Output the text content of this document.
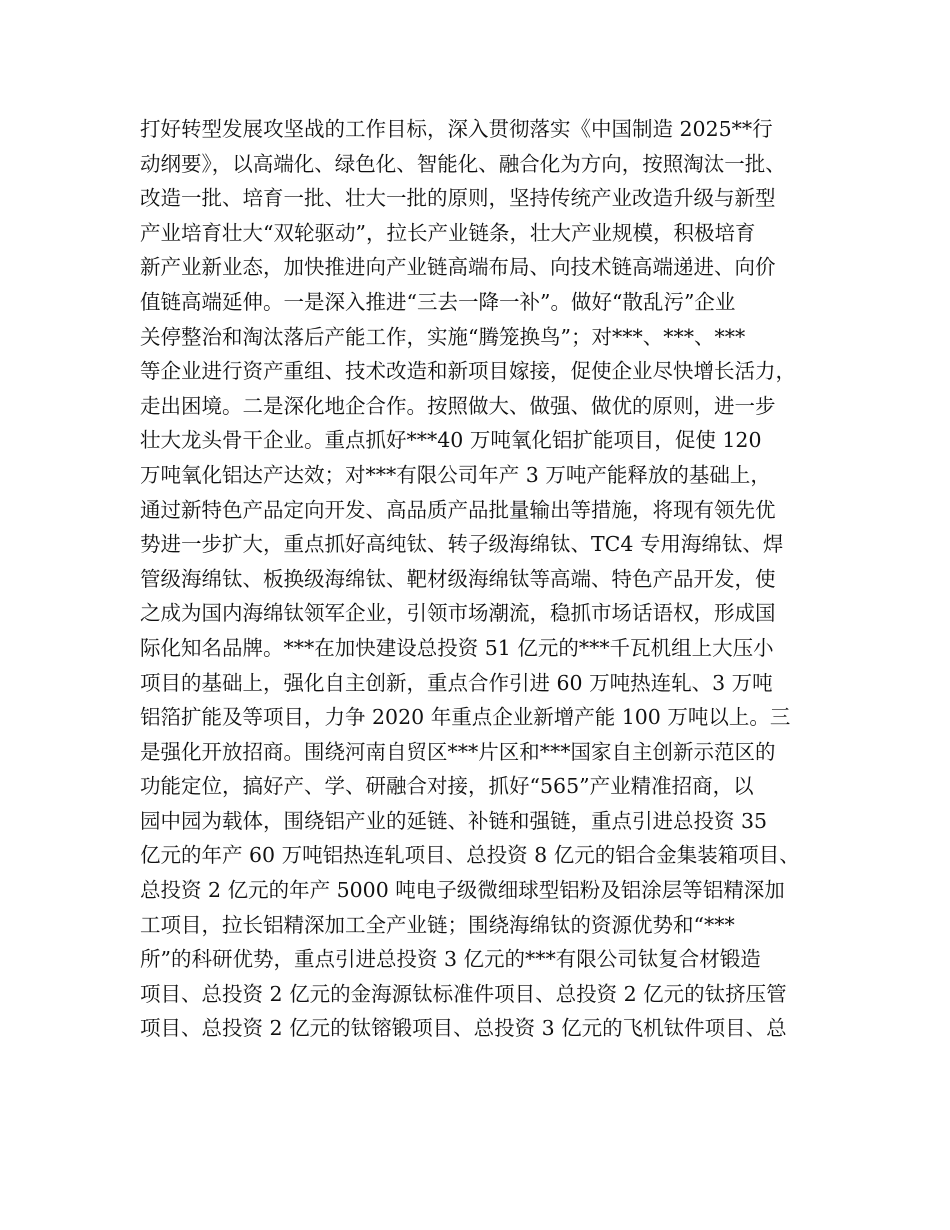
打好转型发展攻坚战的工作目标，深入贯彻落实《中国制造 2025**行
动纲要》，以高端化、绿色化、智能化、融合化为方向，按照淘汰一批、
改造一批、培育一批、壮大一批的原则，坚持传统产业改造升级与新型
产业培育壮大“双轮驱动”，拉长产业链条，壮大产业规模，积极培育
新产业新业态，加快推进向产业链高端布局、向技术链高端递进、向价
值链高端延伸。一是深入推进“三去一降一补”。做好“散乱污”企业
关停整治和淘汰落后产能工作，实施“腾笼换鸟”；对***、***、***
等企业进行资产重组、技术改造和新项目嫁接，促使企业尽快增长活力，
走出困境。二是深化地企合作。按照做大、做强、做优的原则，进一步
壮大龙头骨干企业。重点抓好***40 万吨氧化铝扩能项目，促使 120
万吨氧化铝达产达效；对***有限公司年产 3 万吨产能释放的基础上，
通过新特色产品定向开发、高品质产品批量输出等措施，将现有领先优
势进一步扩大，重点抓好高纯钛、转子级海绵钛、TC4 专用海绵钛、焊
管级海绵钛、板换级海绵钛、靶材级海绵钛等高端、特色产品开发，使
之成为国内海绵钛领军企业，引领市场潮流，稳抓市场话语权，形成国
际化知名品牌。***在加快建设总投资 51 亿元的***千瓦机组上大压小
项目的基础上，强化自主创新，重点合作引进 60 万吨热连轧、3 万吨
铝箔扩能及等项目，力争 2020 年重点企业新增产能 100 万吨以上。三
是强化开放招商。围绕河南自贸区***片区和***国家自主创新示范区的
功能定位，搞好产、学、研融合对接，抓好“565”产业精准招商，以
园中园为载体，围绕铝产业的延链、补链和强链，重点引进总投资 35
亿元的年产 60 万吨铝热连轧项目、总投资 8 亿元的铝合金集装箱项目、
总投资 2 亿元的年产 5000 吨电子级微细球型铝粉及铝涂层等铝精深加
工项目，拉长铝精深加工全产业链；围绕海绵钛的资源优势和“***
所”的科研优势，重点引进总投资 3 亿元的***有限公司钛复合材锻造
项目、总投资 2 亿元的金海源钛标准件项目、总投资 2 亿元的钛挤压管
项目、总投资 2 亿元的钛镕锻项目、总投资 3 亿元的飞机钛件项目、总
